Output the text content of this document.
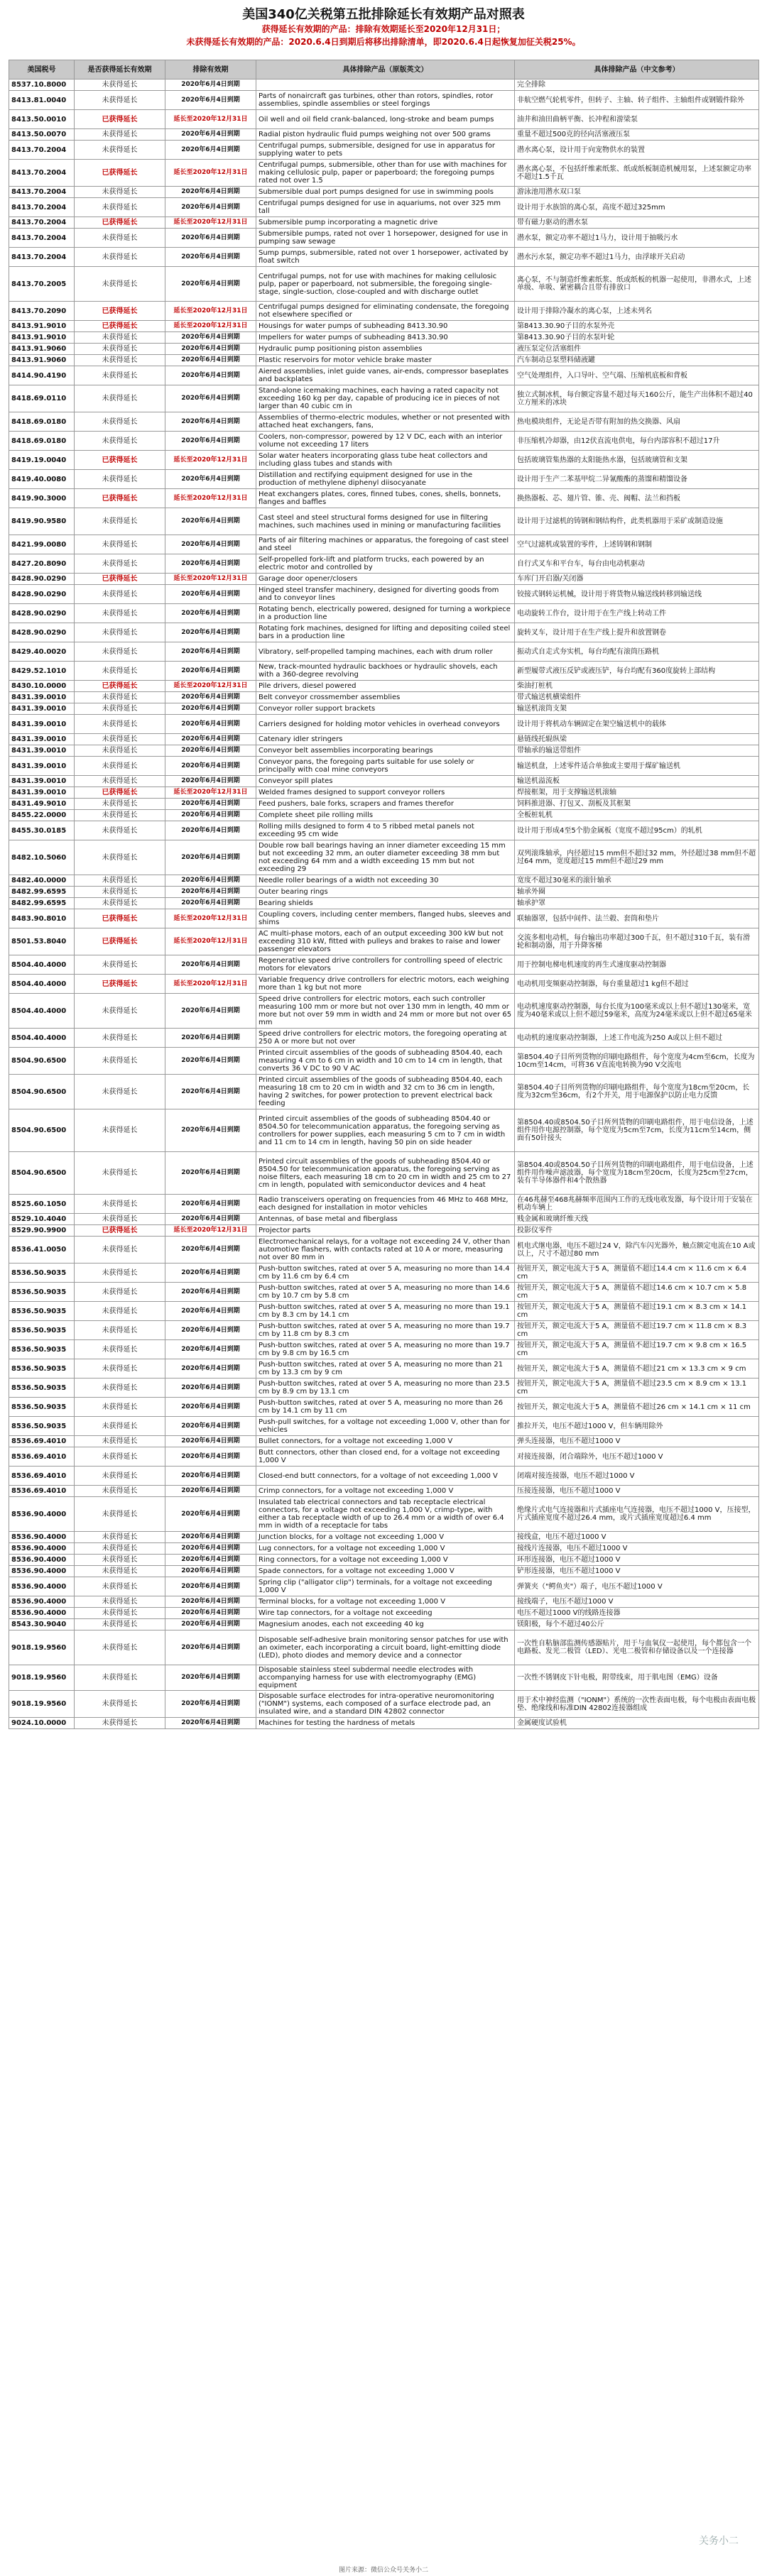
美国340亿关税第五批排除延长有效期产品对照表
获得延长有效期的产品：排除有效期延长至2020年12月31日；
未获得延长有效期的产品：2020.6.4日到期后将移出排除清单，即2020.6.4日起恢复加征关税25%。
美国税号	是否获得延长有效期	排除有效期	具体排除产品（原版英文）	具体排除产品（中文参考）
8537.10.8000	未获得延长	2020年6月4日到期		完全排除
8413.81.0040	未获得延长	2020年6月4日到期	Parts of nonaircraft gas turbines, other than rotors, spindles, rotor assemblies, spindle assemblies or steel forgings	非航空燃气轮机零件，但转子、主轴、转子组件、主轴组件或钢锻件除外
8413.50.0010	已获得延长	延长至2020年12月31日	Oil well and oil field crank-balanced, long-stroke and beam pumps	油井和油田曲柄平衡、长冲程和游梁泵
8413.50.0070	未获得延长	2020年6月4日到期	Radial piston hydraulic fluid pumps weighing not over 500 grams	重量不超过500克的径向活塞液压泵
8413.70.2004	未获得延长	2020年6月4日到期	Centrifugal pumps, submersible, designed for use in apparatus for supplying water to pets	潜水离心泵，设计用于向宠物供水的装置
8413.70.2004	已获得延长	延长至2020年12月31日	Centrifugal pumps, submersible, other than for use with machines for making cellulosic pulp, paper or paperboard; the foregoing pumps rated not over 1.5	潜水离心泵，不包括纤维素纸浆、纸或纸板制造机械用泵，上述泵额定功率不超过1.5千瓦
8413.70.2004	未获得延长	2020年6月4日到期	Submersible dual port pumps designed for use in swimming pools	游泳池用潜水双口泵
8413.70.2004	未获得延长	2020年6月4日到期	Centrifugal pumps designed for use in aquariums, not over 325 mm tall	设计用于水族馆的离心泵，高度不超过325mm
8413.70.2004	已获得延长	延长至2020年12月31日	Submersible pump incorporating a magnetic drive	带有磁力驱动的潜水泵
8413.70.2004	未获得延长	2020年6月4日到期	Submersible pumps, rated not over 1 horsepower, designed for use in pumping saw sewage	潜水泵，额定功率不超过1马力，设计用于抽吸污水
8413.70.2004	未获得延长	2020年6月4日到期	Sump pumps, submersible, rated not over 1 horsepower, activated by float switch	潜水污水泵，额定功率不超过1马力，由浮球开关启动
8413.70.2005	未获得延长	2020年6月4日到期	Centrifugal pumps, not for use with machines for making cellulosic pulp, paper or paperboard, not submersible, the foregoing single-stage, single-suction, close-coupled and with discharge outlet	离心泵，不与制造纤维素纸浆、纸或纸板的机器一起使用，非潜水式，上述单级、单吸、紧密耦合且带有排放口
8413.70.2090	已获得延长	延长至2020年12月31日	Centrifugal pumps designed for eliminating condensate, the foregoing not elsewhere specified or	设计用于排除冷凝水的离心泵，上述未列名
8413.91.9010	已获得延长	延长至2020年12月31日	Housings for water pumps of subheading 8413.30.90	第8413.30.90子目的水泵外壳
8413.91.9010	未获得延长	2020年6月4日到期	Impellers for water pumps of subheading 8413.30.90	第8413.30.90子目的水泵叶轮
8413.91.9060	未获得延长	2020年6月4日到期	Hydraulic pump positioning piston assemblies	液压泵定位活塞组件
8413.91.9060	未获得延长	2020年6月4日到期	Plastic reservoirs for motor vehicle brake master	汽车制动总泵塑料储液罐
8414.90.4190	未获得延长	2020年6月4日到期	Aiered assemblies, inlet guide vanes, air-ends, compressor baseplates and backplates	空气处理组件，入口导叶、空气端、压缩机底板和背板
8418.69.0110	未获得延长	2020年6月4日到期	Stand-alone icemaking machines, each having a rated capacity not exceeding 160 kg per day, capable of producing ice in pieces of not larger than 40 cubic cm in	独立式制冰机，每台额定容量不超过每天160公斤，能生产出体积不超过40立方厘米的冰块
8418.69.0180	未获得延长	2020年6月4日到期	Assemblies of thermo-electric modules, whether or not presented with attached heat exchangers, fans,	热电模块组件，无论是否带有附加的热交换器、风扇
8418.69.0180	未获得延长	2020年6月4日到期	Coolers, non-compressor, powered by 12 V DC, each with an interior volume not exceeding 17 liters	非压缩机冷却器，由12伏直流电供电，每台内部容积不超过17升
8419.19.0040	已获得延长	延长至2020年12月31日	Solar water heaters incorporating glass tube heat collectors and including glass tubes and stands with	包括玻璃管集热器的太阳能热水器，包括玻璃管和支架
8419.40.0080	未获得延长	2020年6月4日到期	Distillation and rectifying equipment designed for use in the production of methylene diphenyl diisocyanate	设计用于生产二苯基甲烷二异氰酸酯的蒸馏和精馏设备
8419.90.3000	已获得延长	延长至2020年12月31日	Heat exchangers plates, cores, finned tubes, cones, shells, bonnets, flanges and baffles	换热器板、芯、翅片管、锥、壳、阀帽、法兰和挡板
8419.90.9580	未获得延长	2020年6月4日到期	Cast steel and steel structural forms designed for use in filtering machines, such machines used in mining or manufacturing facilities	设计用于过滤机的铸钢和钢结构件，此类机器用于采矿或制造设施
8421.99.0080	未获得延长	2020年6月4日到期	Parts of air filtering machines or apparatus, the foregoing of cast steel and steel	空气过滤机或装置的零件，上述铸钢和钢制
8427.20.8090	未获得延长	2020年6月4日到期	Self-propelled fork-lift and platform trucks, each powered by an electric motor and controlled by	自行式叉车和平台车，每台由电动机驱动
8428.90.0290	已获得延长	延长至2020年12月31日	Garage door opener/closers	车库门开启器/关闭器
8428.90.0290	未获得延长	2020年6月4日到期	Hinged steel transfer machinery, designed for diverting goods from and to conveyor lines	铰接式钢转运机械，设计用于将货物从输送线转移到输送线
8428.90.0290	未获得延长	2020年6月4日到期	Rotating bench, electrically powered, designed for turning a workpiece in a production line	电动旋转工作台，设计用于在生产线上转动工件
8428.90.0290	未获得延长	2020年6月4日到期	Rotating fork machines, designed for lifting and depositing coiled steel bars in a production line	旋转叉车，设计用于在生产线上提升和放置钢卷
8429.40.0020	未获得延长	2020年6月4日到期	Vibratory, self-propelled tamping machines, each with drum roller	振动式自走式夯实机，每台均配有滚筒压路机
8429.52.1010	未获得延长	2020年6月4日到期	New, track-mounted hydraulic backhoes or hydraulic shovels, each with a 360-degree revolving	新型履带式液压反铲或液压铲，每台均配有360度旋转上部结构
8430.10.0000	已获得延长	延长至2020年12月31日	Pile drivers, diesel powered	柴油打桩机
8431.39.0010	未获得延长	2020年6月4日到期	Belt conveyor crossmember assemblies	带式输送机横梁组件
8431.39.0010	未获得延长	2020年6月4日到期	Conveyor roller support brackets	输送机滚筒支架
8431.39.0010	未获得延长	2020年6月4日到期	Carriers designed for holding motor vehicles in overhead conveyors	设计用于将机动车辆固定在架空输送机中的载体
8431.39.0010	未获得延长	2020年6月4日到期	Catenary idler stringers	悬链线托辊纵梁
8431.39.0010	未获得延长	2020年6月4日到期	Conveyor belt assemblies incorporating bearings	带轴承的输送带组件
8431.39.0010	未获得延长	2020年6月4日到期	Conveyor pans, the foregoing parts suitable for use solely or principally with coal mine conveyors	输送机盘，上述零件适合单独或主要用于煤矿输送机
8431.39.0010	未获得延长	2020年6月4日到期	Conveyor spill plates	输送机溢流板
8431.39.0010	已获得延长	延长至2020年12月31日	Welded frames designed to support conveyor rollers	焊接框架，用于支撑输送机滚轴
8431.49.9010	未获得延长	2020年6月4日到期	Feed pushers, bale forks, scrapers and frames therefor	饲料推进器、打包叉、刮板及其框架
8455.22.0000	未获得延长	2020年6月4日到期	Complete sheet pile rolling mills	全板桩轧机
8455.30.0185	未获得延长	2020年6月4日到期	Rolling mills designed to form 4 to 5 ribbed metal panels not exceeding 95 cm wide	设计用于形成4至5个肋金属板（宽度不超过95cm）的轧机
8482.10.5060	未获得延长	2020年6月4日到期	Double row ball bearings having an inner diameter exceeding 15 mm but not exceeding 32 mm, an outer diameter exceeding 38 mm but not exceeding 64 mm and a width exceeding 15 mm but not exceeding 29	双列滚珠轴承，内径超过15 mm但不超过32 mm，外径超过38 mm但不超过64 mm，宽度超过15 mm但不超过29 mm
8482.40.0000	未获得延长	2020年6月4日到期	Needle roller bearings of a width not exceeding 30	宽度不超过30毫米的滚针轴承
8482.99.6595	未获得延长	2020年6月4日到期	Outer bearing rings	轴承外圈
8482.99.6595	未获得延长	2020年6月4日到期	Bearing shields	轴承护罩
8483.90.8010	已获得延长	延长至2020年12月31日	Coupling covers, including center members, flanged hubs, sleeves and shims	联轴器罩，包括中间件、法兰毂、套筒和垫片
8501.53.8040	已获得延长	延长至2020年12月31日	AC multi-phase motors, each of an output exceeding 300 kW but not exceeding 310 kW, fitted with pulleys and brakes to raise and lower passenger elevators	交流多相电动机，每台输出功率超过300千瓦，但不超过310千瓦，装有滑轮和制动器，用于升降客梯
8504.40.4000	未获得延长	2020年6月4日到期	Regenerative speed drive controllers for controlling speed of electric motors for elevators	用于控制电梯电机速度的再生式速度驱动控制器
8504.40.4000	已获得延长	延长至2020年12月31日	Variable frequency drive controllers for electric motors, each weighing more than 1 kg but not more	电动机用变频驱动控制器，每台重量超过1 kg但不超过
8504.40.4000	未获得延长	2020年6月4日到期	Speed drive controllers for electric motors, each such controller measuring 100 mm or more but not over 130 mm in length, 40 mm or more but not over 59 mm in width and 24 mm or more but not over 65 mm	电动机速度驱动控制器，每台长度为100毫米或以上但不超过130毫米，宽度为40毫米或以上但不超过59毫米，高度为24毫米或以上但不超过65毫米
8504.40.4000	未获得延长	2020年6月4日到期	Speed drive controllers for electric motors, the foregoing operating at 250 A or more but not over	电动机的速度驱动控制器，上述工作电流为250 A或以上但不超过
8504.90.6500	未获得延长	2020年6月4日到期	Printed circuit assemblies of the goods of subheading 8504.40, each measuring 4 cm to 6 cm in width and 10 cm to 14 cm in length, that converts 36 V DC to 90 V AC	第8504.40子目所列货物的印刷电路组件，每个宽度为4cm至6cm，长度为10cm至14cm，可将36 V直流电转换为90 V交流电
8504.90.6500	未获得延长	2020年6月4日到期	Printed circuit assemblies of the goods of subheading 8504.40, each measuring 18 cm to 20 cm in width and 32 cm to 36 cm in length, having 2 switches, for power protection to prevent electrical back feeding	第8504.40子目所列货物的印刷电路组件，每个宽度为18cm至20cm，长度为32cm至36cm，有2个开关，用于电源保护以防止电力反馈
8504.90.6500	未获得延长	2020年6月4日到期	Printed circuit assemblies of the goods of subheading 8504.40 or 8504.50 for telecommunication apparatus, the foregoing serving as controllers for power supplies, each measuring 5 cm to 7 cm in width and 11 cm to 14 cm in length, having 50 pin on side header	第8504.40或8504.50子目所列货物的印刷电路组件，用于电信设备，上述组件用作电源控制器，每个宽度为5cm至7cm，长度为11cm至14cm，侧面有50针接头
8504.90.6500	未获得延长	2020年6月4日到期	Printed circuit assemblies of the goods of subheading 8504.40 or 8504.50 for telecommunication apparatus, the foregoing serving as noise filters, each measuring 18 cm to 20 cm in width and 25 cm to 27 cm in length, populated with semiconductor devices and 4 heat	第8504.40或8504.50子目所列货物的印刷电路组件，用于电信设备，上述组件用作噪声滤波器，每个宽度为18cm至20cm，长度为25cm至27cm，装有半导体器件和4个散热器
8525.60.1050	未获得延长	2020年6月4日到期	Radio transceivers operating on frequencies from 46 MHz to 468 MHz, each designed for installation in motor vehicles	在46兆赫至468兆赫频率范围内工作的无线电收发器，每个设计用于安装在机动车辆上
8529.10.4040	未获得延长	2020年6月4日到期	Antennas, of base metal and fiberglass	贱金属和玻璃纤维天线
8529.90.9900	已获得延长	延长至2020年12月31日	Projector parts	投影仪零件
8536.41.0050	未获得延长	2020年6月4日到期	Electromechanical relays, for a voltage not exceeding 24 V, other than automotive flashers, with contacts rated at 10 A or more, measuring not over 80 mm in	机电式继电器，电压不超过24 V，除汽车闪光器外，触点额定电流在10 A或以上，尺寸不超过80 mm
8536.50.9035	未获得延长	2020年6月4日到期	Push-button switches, rated at over 5 A, measuring no more than 14.4 cm by 11.6 cm by 6.4 cm	按钮开关，额定电流大于5 A，测量值不超过14.4 cm × 11.6 cm × 6.4 cm
8536.50.9035	未获得延长	2020年6月4日到期	Push-button switches, rated at over 5 A, measuring no more than 14.6 cm by 10.7 cm by 5.8 cm	按钮开关，额定电流大于5 A，测量值不超过14.6 cm × 10.7 cm × 5.8 cm
8536.50.9035	未获得延长	2020年6月4日到期	Push-button switches, rated at over 5 A, measuring no more than 19.1 cm by 8.3 cm by 14.1 cm	按钮开关，额定电流大于5 A，测量值不超过19.1 cm × 8.3 cm × 14.1 cm
8536.50.9035	未获得延长	2020年6月4日到期	Push-button switches, rated at over 5 A, measuring no more than 19.7 cm by 11.8 cm by 8.3 cm	按钮开关，额定电流大于5 A，测量值不超过19.7 cm × 11.8 cm × 8.3 cm
8536.50.9035	未获得延长	2020年6月4日到期	Push-button switches, rated at over 5 A, measuring no more than 19.7 cm by 9.8 cm by 16.5 cm	按钮开关，额定电流大于5 A，测量值不超过19.7 cm × 9.8 cm × 16.5 cm
8536.50.9035	未获得延长	2020年6月4日到期	Push-button switches, rated at over 5 A, measuring no more than 21 cm by 13.3 cm by 9 cm	按钮开关，额定电流大于5 A，测量值不超过21 cm × 13.3 cm × 9 cm
8536.50.9035	未获得延长	2020年6月4日到期	Push-button switches, rated at over 5 A, measuring no more than 23.5 cm by 8.9 cm by 13.1 cm	按钮开关，额定电流大于5 A，测量值不超过23.5 cm × 8.9 cm × 13.1 cm
8536.50.9035	未获得延长	2020年6月4日到期	Push-button switches, rated at over 5 A, measuring no more than 26 cm by 14.1 cm by 11 cm	按钮开关，额定电流大于5 A，测量值不超过26 cm × 14.1 cm × 11 cm
8536.50.9035	未获得延长	2020年6月4日到期	Push-pull switches, for a voltage not exceeding 1,000 V, other than for vehicles	推拉开关，电压不超过1000 V，但车辆用除外
8536.69.4010	未获得延长	2020年6月4日到期	Bullet connectors, for a voltage not exceeding 1,000 V	弹头连接器，电压不超过1000 V
8536.69.4010	未获得延长	2020年6月4日到期	Butt connectors, other than closed end, for a voltage not exceeding 1,000 V	对接连接器，闭合端除外，电压不超过1000 V
8536.69.4010	未获得延长	2020年6月4日到期	Closed-end butt connectors, for a voltage of not exceeding 1,000 V	闭端对接连接器，电压不超过1000 V
8536.69.4010	未获得延长	2020年6月4日到期	Crimp connectors, for a voltage not exceeding 1,000 V	压接连接器，电压不超过1000 V
8536.90.4000	未获得延长	2020年6月4日到期	Insulated tab electrical connectors and tab receptacle electrical connectors, for a voltage not exceeding 1,000 V, crimp-type, with either a tab receptacle width of up to 26.4 mm or a width of over 6.4 mm in width of a receptacle for tabs	绝缘片式电气连接器和片式插座电气连接器，电压不超过1000 V，压接型，片式插座宽度不超过26.4 mm，或片式插座宽度超过6.4 mm
8536.90.4000	未获得延长	2020年6月4日到期	Junction blocks, for a voltage not exceeding 1,000 V	接线盒，电压不超过1000 V
8536.90.4000	未获得延长	2020年6月4日到期	Lug connectors, for a voltage not exceeding 1,000 V	接线片连接器，电压不超过1000 V
8536.90.4000	未获得延长	2020年6月4日到期	Ring connectors, for a voltage not exceeding 1,000 V	环形连接器，电压不超过1000 V
8536.90.4000	未获得延长	2020年6月4日到期	Spade connectors, for a voltage not exceeding 1,000 V	铲形连接器，电压不超过1000 V
8536.90.4000	未获得延长	2020年6月4日到期	Spring clip ("alligator clip") terminals, for a voltage not exceeding 1,000 V	弹簧夹（"鳄鱼夹"）端子，电压不超过1000 V
8536.90.4000	未获得延长	2020年6月4日到期	Terminal blocks, for a voltage not exceeding 1,000 V	接线端子，电压不超过1000 V
8536.90.4000	未获得延长	2020年6月4日到期	Wire tap connectors, for a voltage not exceeding	电压不超过1000 V的线路连接器
8543.30.9040	未获得延长	2020年6月4日到期	Magnesium anodes, each not exceeding 40 kg	镁阳极，每个不超过40公斤
9018.19.9560	未获得延长	2020年6月4日到期	Disposable self-adhesive brain monitoring sensor patches for use with an oximeter, each incorporating a circuit board, light-emitting diode (LED), photo diodes and memory device and a connector	一次性自粘脑部监测传感器贴片，用于与血氧仪一起使用，每个都包含一个电路板、发光二极管（LED）、光电二极管和存储设备以及一个连接器
9018.19.9560	未获得延长	2020年6月4日到期	Disposable stainless steel subdermal needle electrodes with accompanying harness for use with electromyography (EMG) equipment	一次性不锈钢皮下针电极，附带线束，用于肌电图（EMG）设备
9018.19.9560	未获得延长	2020年6月4日到期	Disposable surface electrodes for intra-operative neuromonitoring ("IONM") systems, each composed of a surface electrode pad, an insulated wire, and a standard DIN 42802 connector	用于术中神经监测（"IONM"）系统的一次性表面电极，每个电极由表面电极垫、绝缘线和标准DIN 42802连接器组成
9024.10.0000	未获得延长	2020年6月4日到期	Machines for testing the hardness of metals	金属硬度试验机
图片来源：微信公众号关务小二
关务小二
